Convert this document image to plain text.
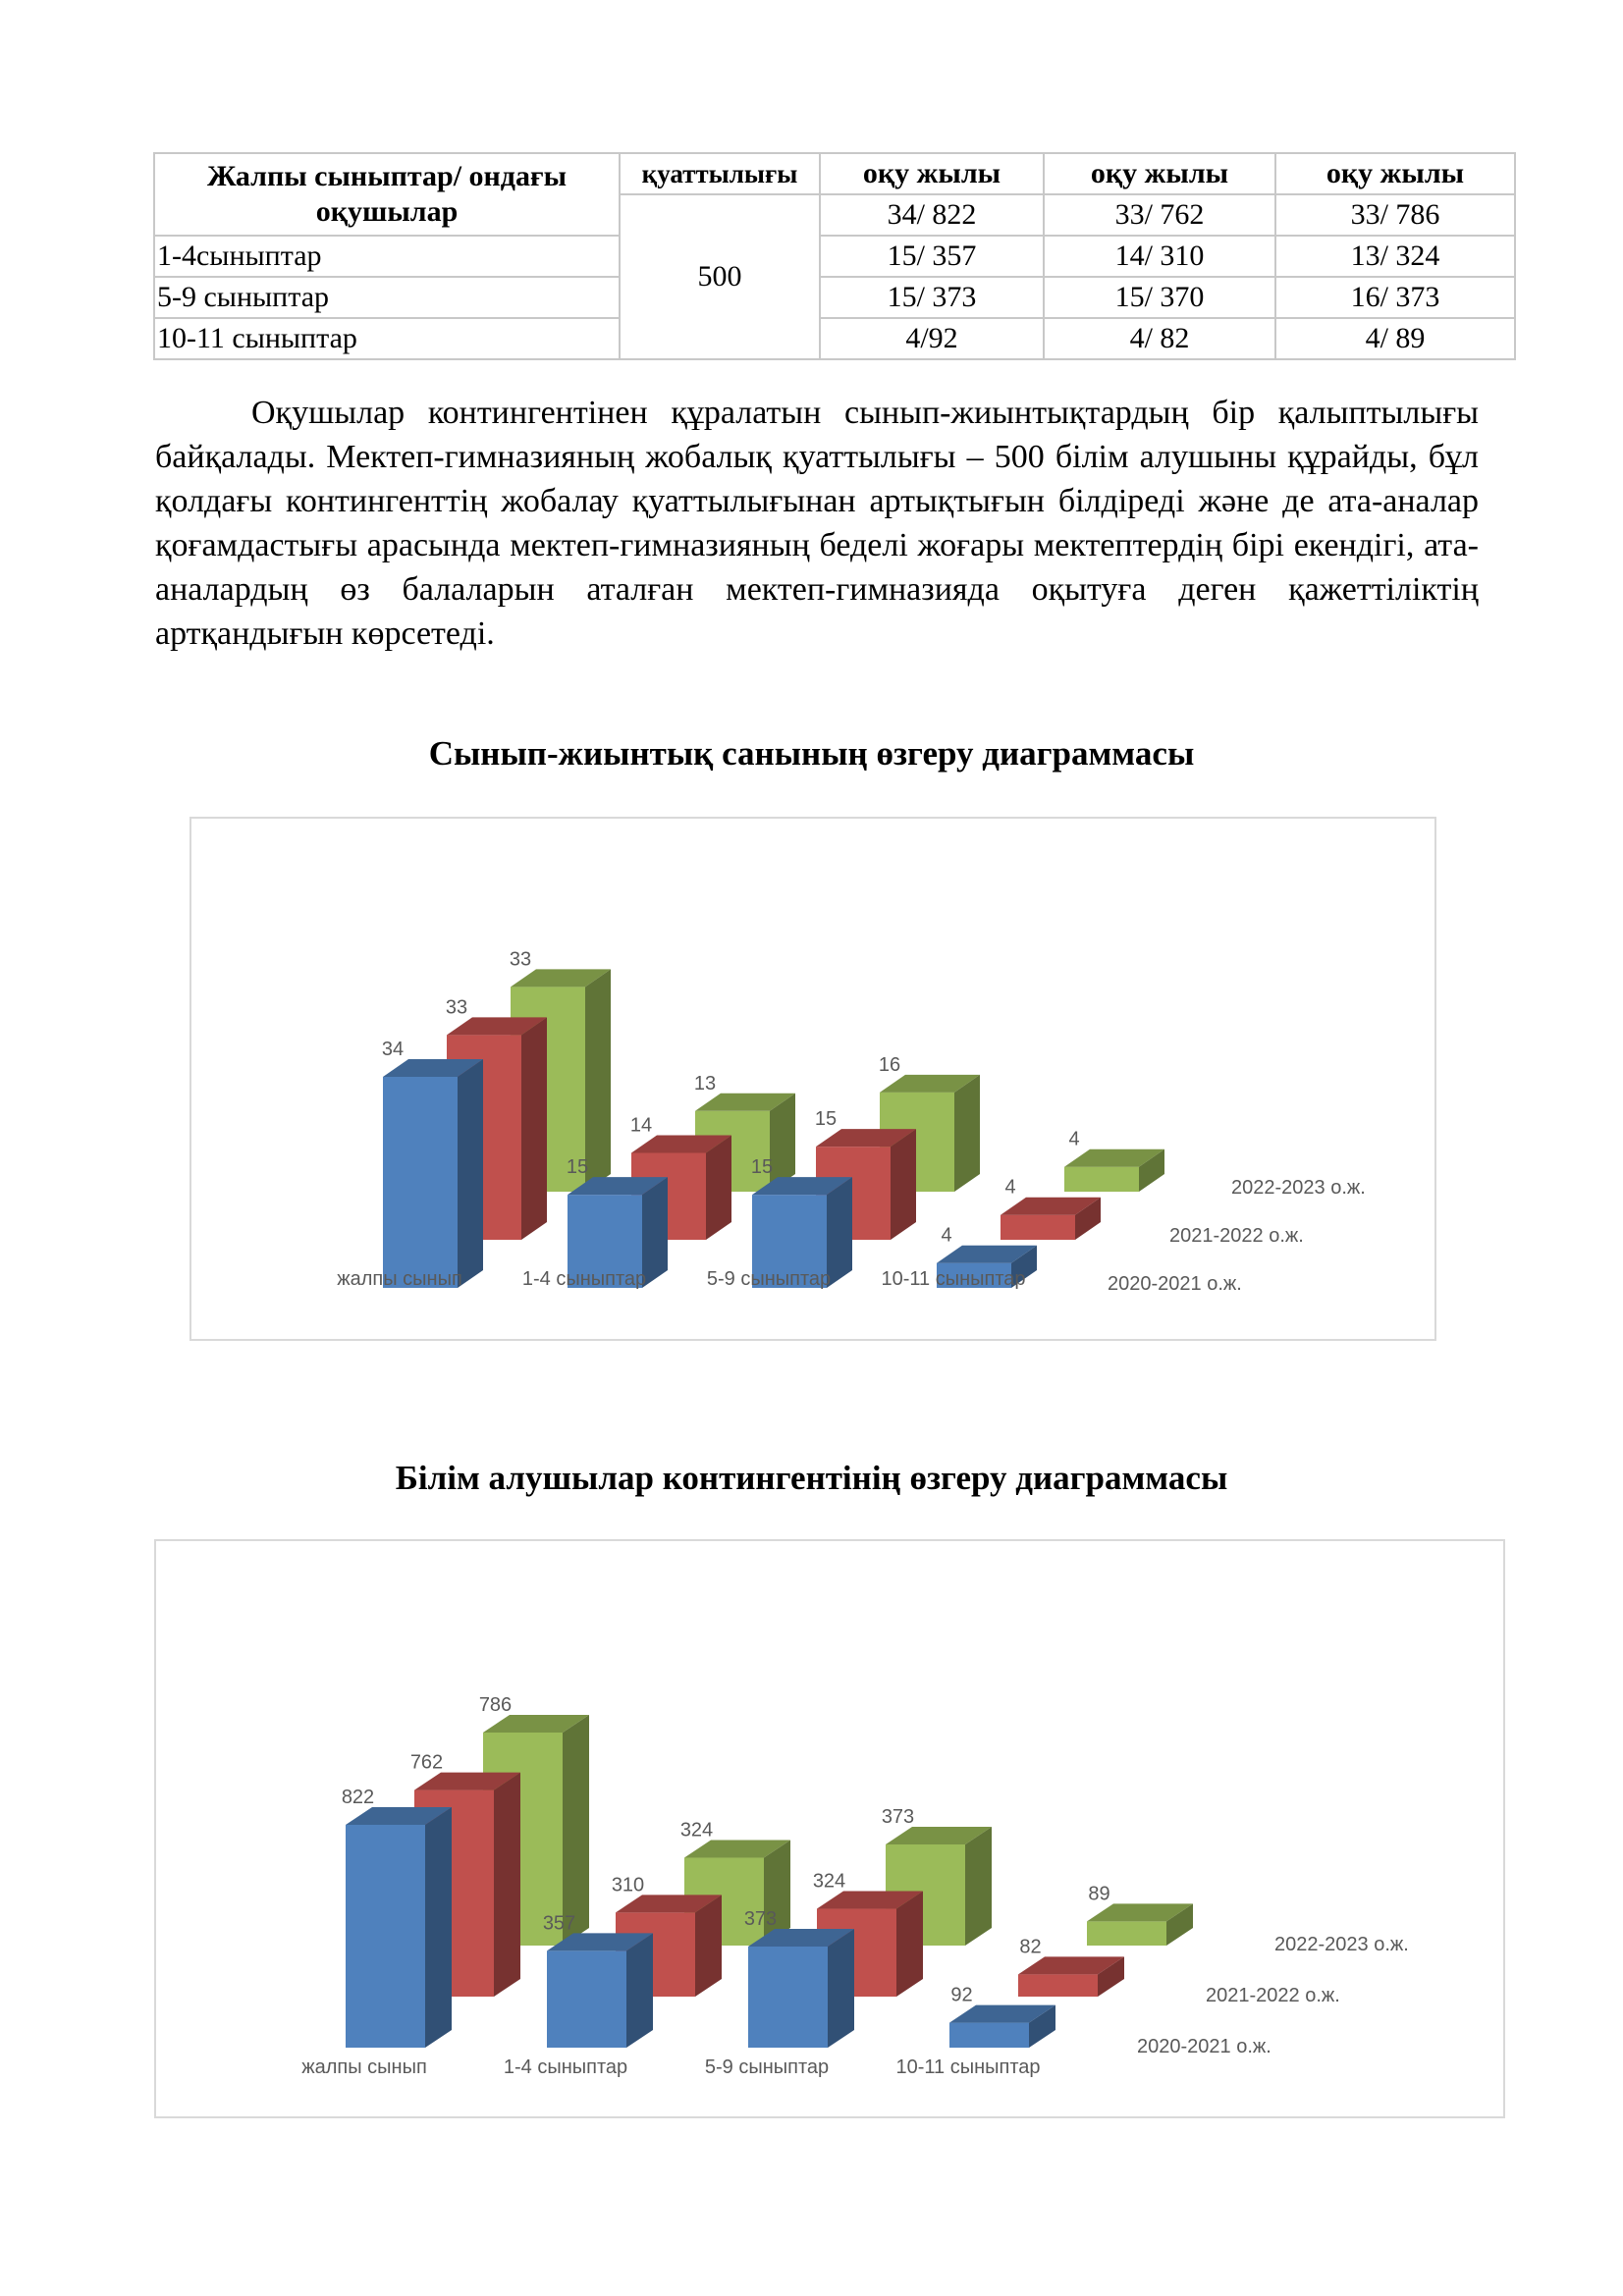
Жалпы сыныптар/ ондағы оқушылар	қуаттылығы	оқу жылы	оқу жылы	оқу жылы
	500	34/ 822	33/ 762	33/ 786
1-4сыныптар		15/ 357	14/ 310	13/ 324
5-9 сыныптар		15/ 373	15/ 370	16/ 373
10-11 сыныптар		4/92	4/ 82	4/ 89

Оқушылар контингентінен құралатын сынып-жиынтықтардың бір қалыптылығы байқалады. Мектеп-гимназияның жобалық қуаттылығы – 500 білім алушыны құрайды, бұл қолдағы контингенттің жобалау қуаттылығынан артықтығын білдіреді және де ата-аналар қоғамдастығы арасында мектеп-гимназияның беделі жоғары мектептердің бірі екендігі, ата-аналардың өз балаларын аталған мектеп-гимназияда оқытуға деген қажеттіліктің артқандығын көрсетеді.

Сынып-жиынтық санының өзгеру диаграммасы
33
13
16
4
2022-2023 о.ж.
33
14	15
4
2021-2022 о.ж.
34
15	15
4
2020-2021 о.ж.
жалпы сынып	1-4 сыныптар	5-9 сыныптар	10-11 сыныптар
Білім алушылар контингентінің өзгеру диаграммасы
786
324
373
89
2022-2023 о.ж.
762
310	324
82
2021-2022 о.ж.
822
357	373
92
2020-2021 о.ж.
жалпы сынып	1-4 сыныптар	5-9 сыныптар	10-11 сыныптар
